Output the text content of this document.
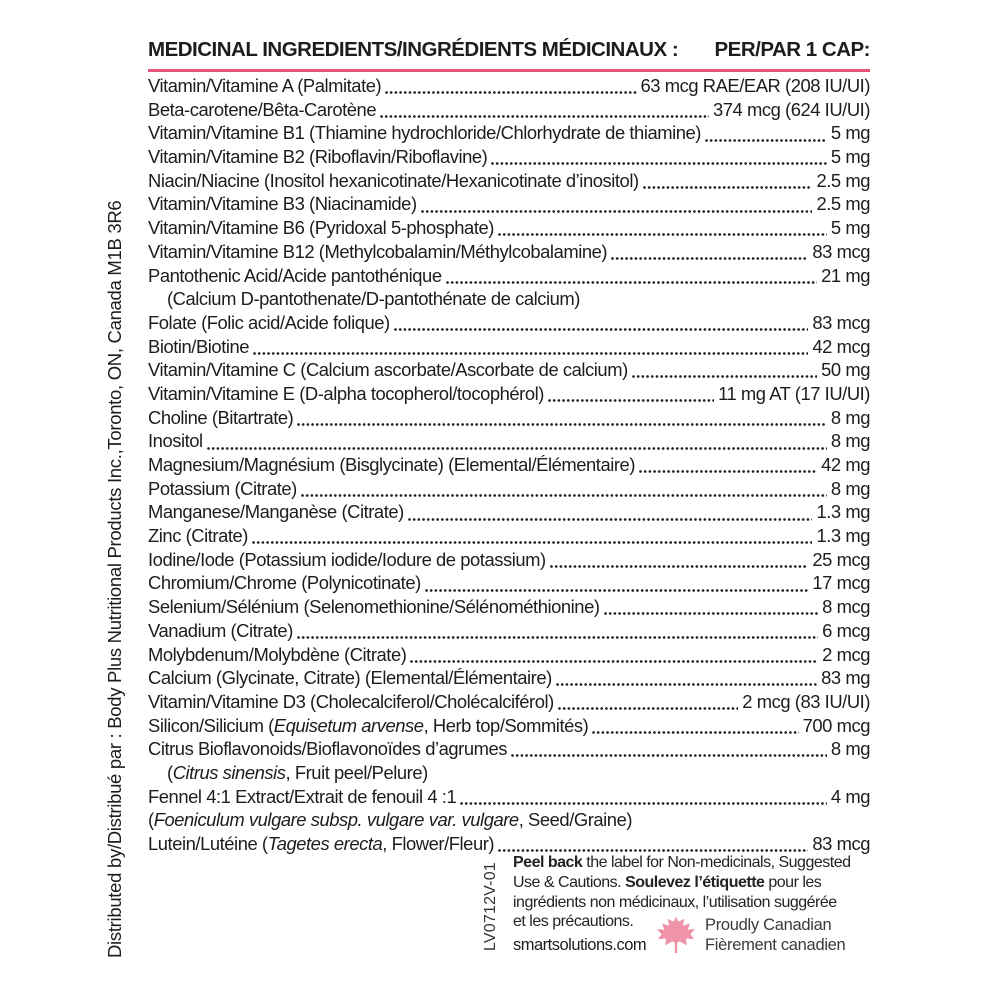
Distributed by/Distribué par : Body Plus Nutritional Products Inc.,Toronto, ON, Canada M1B 3R6	LV0712V-01
MEDICINAL INGREDIENTS/INGRÉDIENTS MÉDICINAUX : PER/PAR 1 CAP:
Vitamin/Vitamine A (Palmitate)	63 mcg RAE/EAR (208 IU/UI)
Beta-carotene/Bêta-Carotène	374 mcg (624 IU/UI)
Vitamin/Vitamine B1 (Thiamine hydrochloride/Chlorhydrate de thiamine)	5 mg
Vitamin/Vitamine B2 (Riboflavin/Riboflavine)	5 mg
Niacin/Niacine (Inositol hexanicotinate/Hexanicotinate d’inositol)	2.5 mg
Vitamin/Vitamine B3 (Niacinamide)	2.5 mg
Vitamin/Vitamine B6 (Pyridoxal 5-phosphate)	5 mg
Vitamin/Vitamine B12 (Methylcobalamin/Méthylcobalamine)	83 mcg
Pantothenic Acid/Acide pantothénique	21 mg
(Calcium D-pantothenate/D-pantothénate de calcium)
Folate (Folic acid/Acide folique)	83 mcg
Biotin/Biotine	42 mcg
Vitamin/Vitamine C (Calcium ascorbate/Ascorbate de calcium)	50 mg
Vitamin/Vitamine E (D-alpha tocopherol/tocophérol)	11 mg AT (17 IU/UI)
Choline (Bitartrate)	8 mg
Inositol	8 mg
Magnesium/Magnésium (Bisglycinate) (Elemental/Élémentaire)	42 mg
Potassium (Citrate)	8 mg
Manganese/Manganèse (Citrate)	1.3 mg
Zinc (Citrate)	1.3 mg
Iodine/Iode (Potassium iodide/Iodure de potassium)	25 mcg
Chromium/Chrome (Polynicotinate)	17 mcg
Selenium/Sélénium (Selenomethionine/Sélénométhionine)	8 mcg
Vanadium (Citrate)	6 mcg
Molybdenum/Molybdène (Citrate)	2 mcg
Calcium (Glycinate, Citrate) (Elemental/Élémentaire)	83 mg
Vitamin/Vitamine D3 (Cholecalciferol/Cholécalciférol)	2 mcg (83 IU/UI)
Silicon/Silicium (Equisetum arvense, Herb top/Sommités)	700 mcg
Citrus Bioflavonoids/Bioflavonoïdes d’agrumes	8 mg
(Citrus sinensis, Fruit peel/Pelure)
Fennel 4:1 Extract/Extrait de fenouil 4 :1	4 mg
(Foeniculum vulgare subsp. vulgare var. vulgare, Seed/Graine)
Lutein/Lutéine (Tagetes erecta, Flower/Fleur)	83 mcg
Peel back the label for Non-medicinals, Suggested
Use & Cautions. Soulevez l’étiquette pour les
ingrédients non médicinaux, l’utilisation suggérée
et les précautions.
smartsolutions.com
Proudly Canadian
Fièrement canadien
